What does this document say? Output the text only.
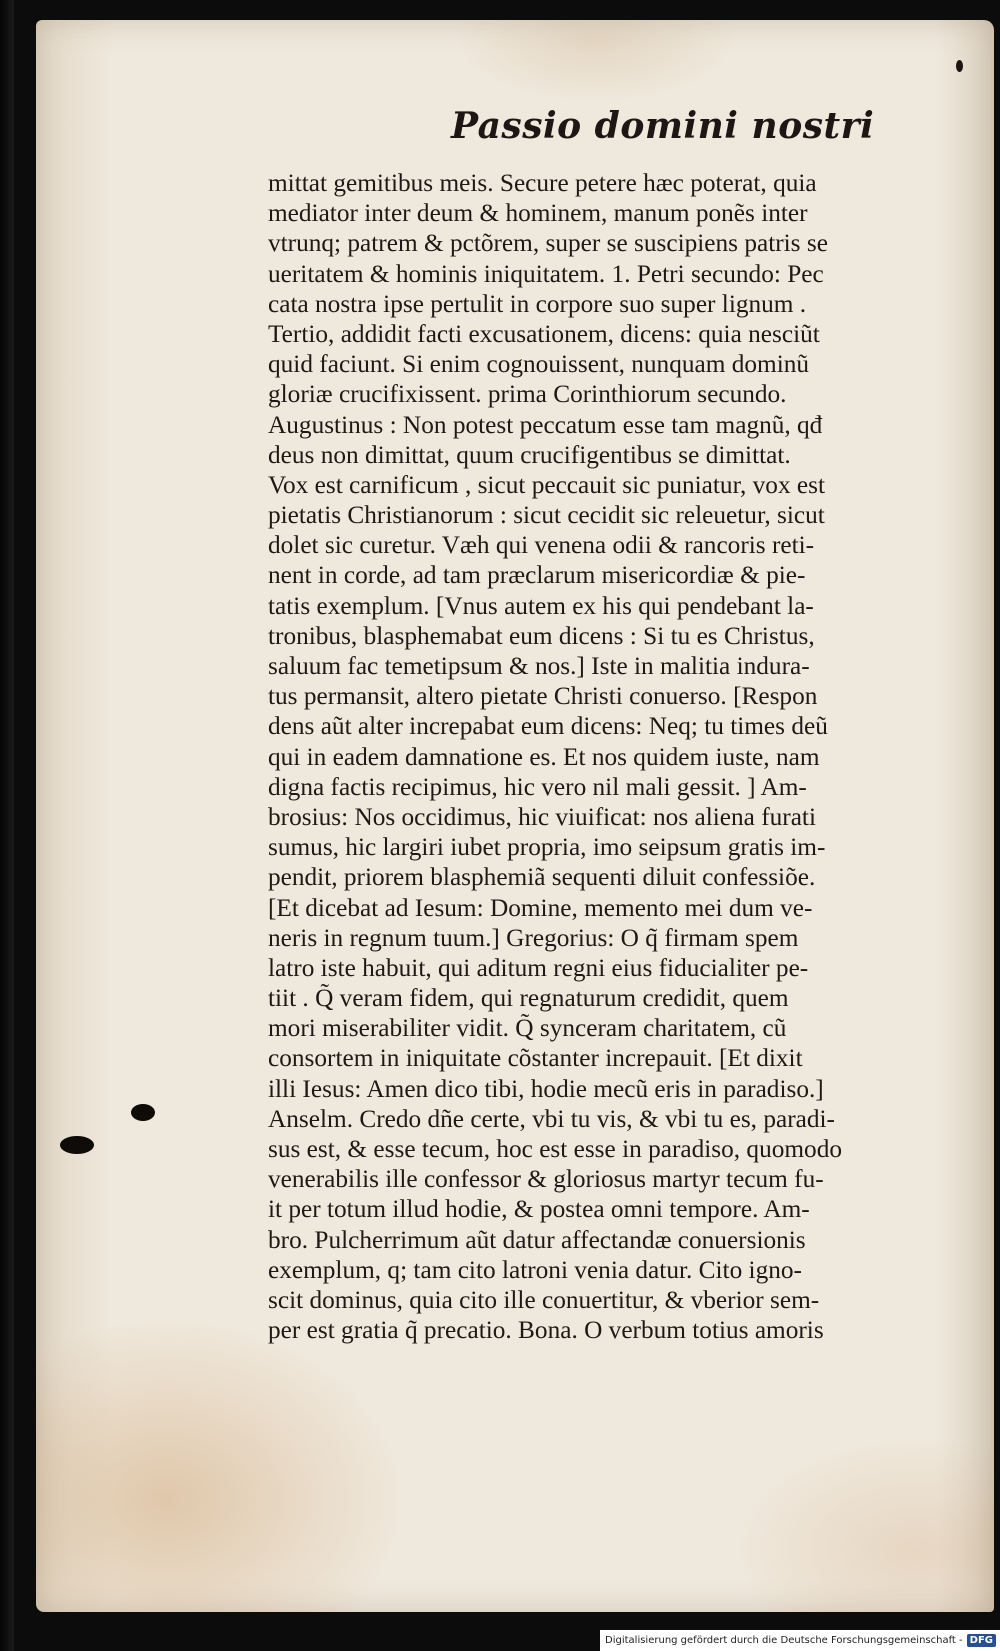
Passio domini nostri
mittat gemitibus meis. Secure petere hæc poterat, quia
mediator inter deum & hominem, manum ponẽs inter
vtrunq; patrem & pctõrem, super se suscipiens patris se
ueritatem & hominis iniquitatem. 1. Petri secundo: Pec
cata nostra ipse pertulit in corpore suo super lignum .
Tertio, addidit facti excusationem, dicens: quia nesciũt
quid faciunt. Si enim cognouissent, nunquam dominũ
gloriæ crucifixissent. prima Corinthiorum secundo.
Augustinus : Non potest peccatum esse tam magnũ, qđ
deus non dimittat, quum crucifigentibus se dimittat.
Vox est carnificum , sicut peccauit sic puniatur, vox est
pietatis Christianorum : sicut cecidit sic releuetur, sicut
dolet sic curetur. Væh qui venena odii & rancoris reti-
nent in corde, ad tam præclarum misericordiæ & pie-
tatis exemplum. [Vnus autem ex his qui pendebant la-
tronibus, blasphemabat eum dicens : Si tu es Christus,
saluum fac temetipsum & nos.] Iste in malitia indura-
tus permansit, altero pietate Christi conuerso. [Respon
dens aũt alter increpabat eum dicens: Neq; tu times deũ
qui in eadem damnatione es. Et nos quidem iuste, nam
digna factis recipimus, hic vero nil mali gessit. ] Am-
brosius: Nos occidimus, hic viuificat: nos aliena furati
sumus, hic largiri iubet propria, imo seipsum gratis im-
pendit, priorem blasphemiã sequenti diluit confessiõe.
[Et dicebat ad Iesum: Domine, memento mei dum ve-
neris in regnum tuum.] Gregorius: O q̃ firmam spem
latro iste habuit, qui aditum regni eius fiducialiter pe-
tiit . Q̃ veram fidem, qui regnaturum credidit, quem
mori miserabiliter vidit. Q̃ synceram charitatem, cũ
consortem in iniquitate cõstanter increpauit. [Et dixit
illi Iesus: Amen dico tibi, hodie mecũ eris in paradiso.]
Anselm. Credo dñe certe, vbi tu vis, & vbi tu es, paradi-
sus est, & esse tecum, hoc est esse in paradiso, quomodo
venerabilis ille confessor & gloriosus martyr tecum fu-
it per totum illud hodie, & postea omni tempore. Am-
bro. Pulcherrimum aũt datur affectandæ conuersionis
exemplum, q; tam cito latroni venia datur. Cito igno-
scit dominus, quia cito ille conuertitur, & vberior sem-
per est gratia q̃ precatio. Bona. O verbum totius amoris
Digitalisierung gefördert durch die Deutsche Forschungsgemeinschaft - DFG
